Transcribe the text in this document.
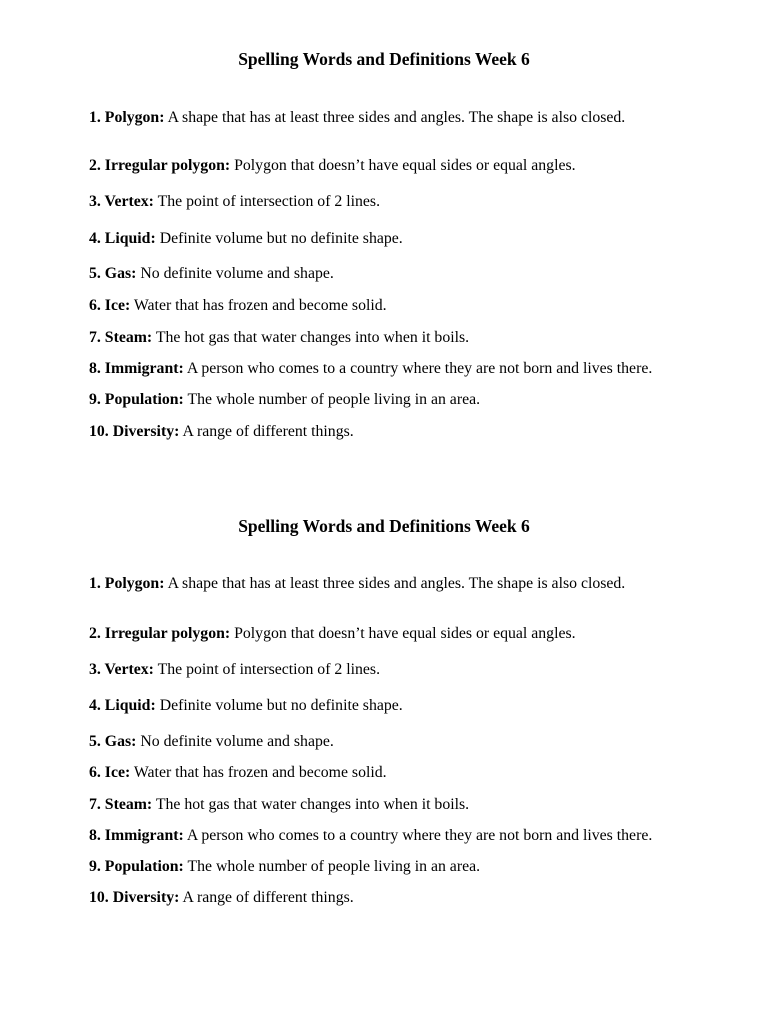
Spelling Words and Definitions Week 6
1. Polygon: A shape that has at least three sides and angles. The shape is also closed.
2. Irregular polygon: Polygon that doesn’t have equal sides or equal angles.
3. Vertex: The point of intersection of 2 lines.
4. Liquid: Definite volume but no definite shape.
5. Gas: No definite volume and shape.
6. Ice: Water that has frozen and become solid.
7. Steam: The hot gas that water changes into when it boils.
8. Immigrant: A person who comes to a country where they are not born and lives there.
9. Population: The whole number of people living in an area.
10. Diversity: A range of different things.
Spelling Words and Definitions Week 6
1. Polygon: A shape that has at least three sides and angles. The shape is also closed.
2. Irregular polygon: Polygon that doesn’t have equal sides or equal angles.
3. Vertex: The point of intersection of 2 lines.
4. Liquid: Definite volume but no definite shape.
5. Gas: No definite volume and shape.
6. Ice: Water that has frozen and become solid.
7. Steam: The hot gas that water changes into when it boils.
8. Immigrant: A person who comes to a country where they are not born and lives there.
9. Population: The whole number of people living in an area.
10. Diversity: A range of different things.
